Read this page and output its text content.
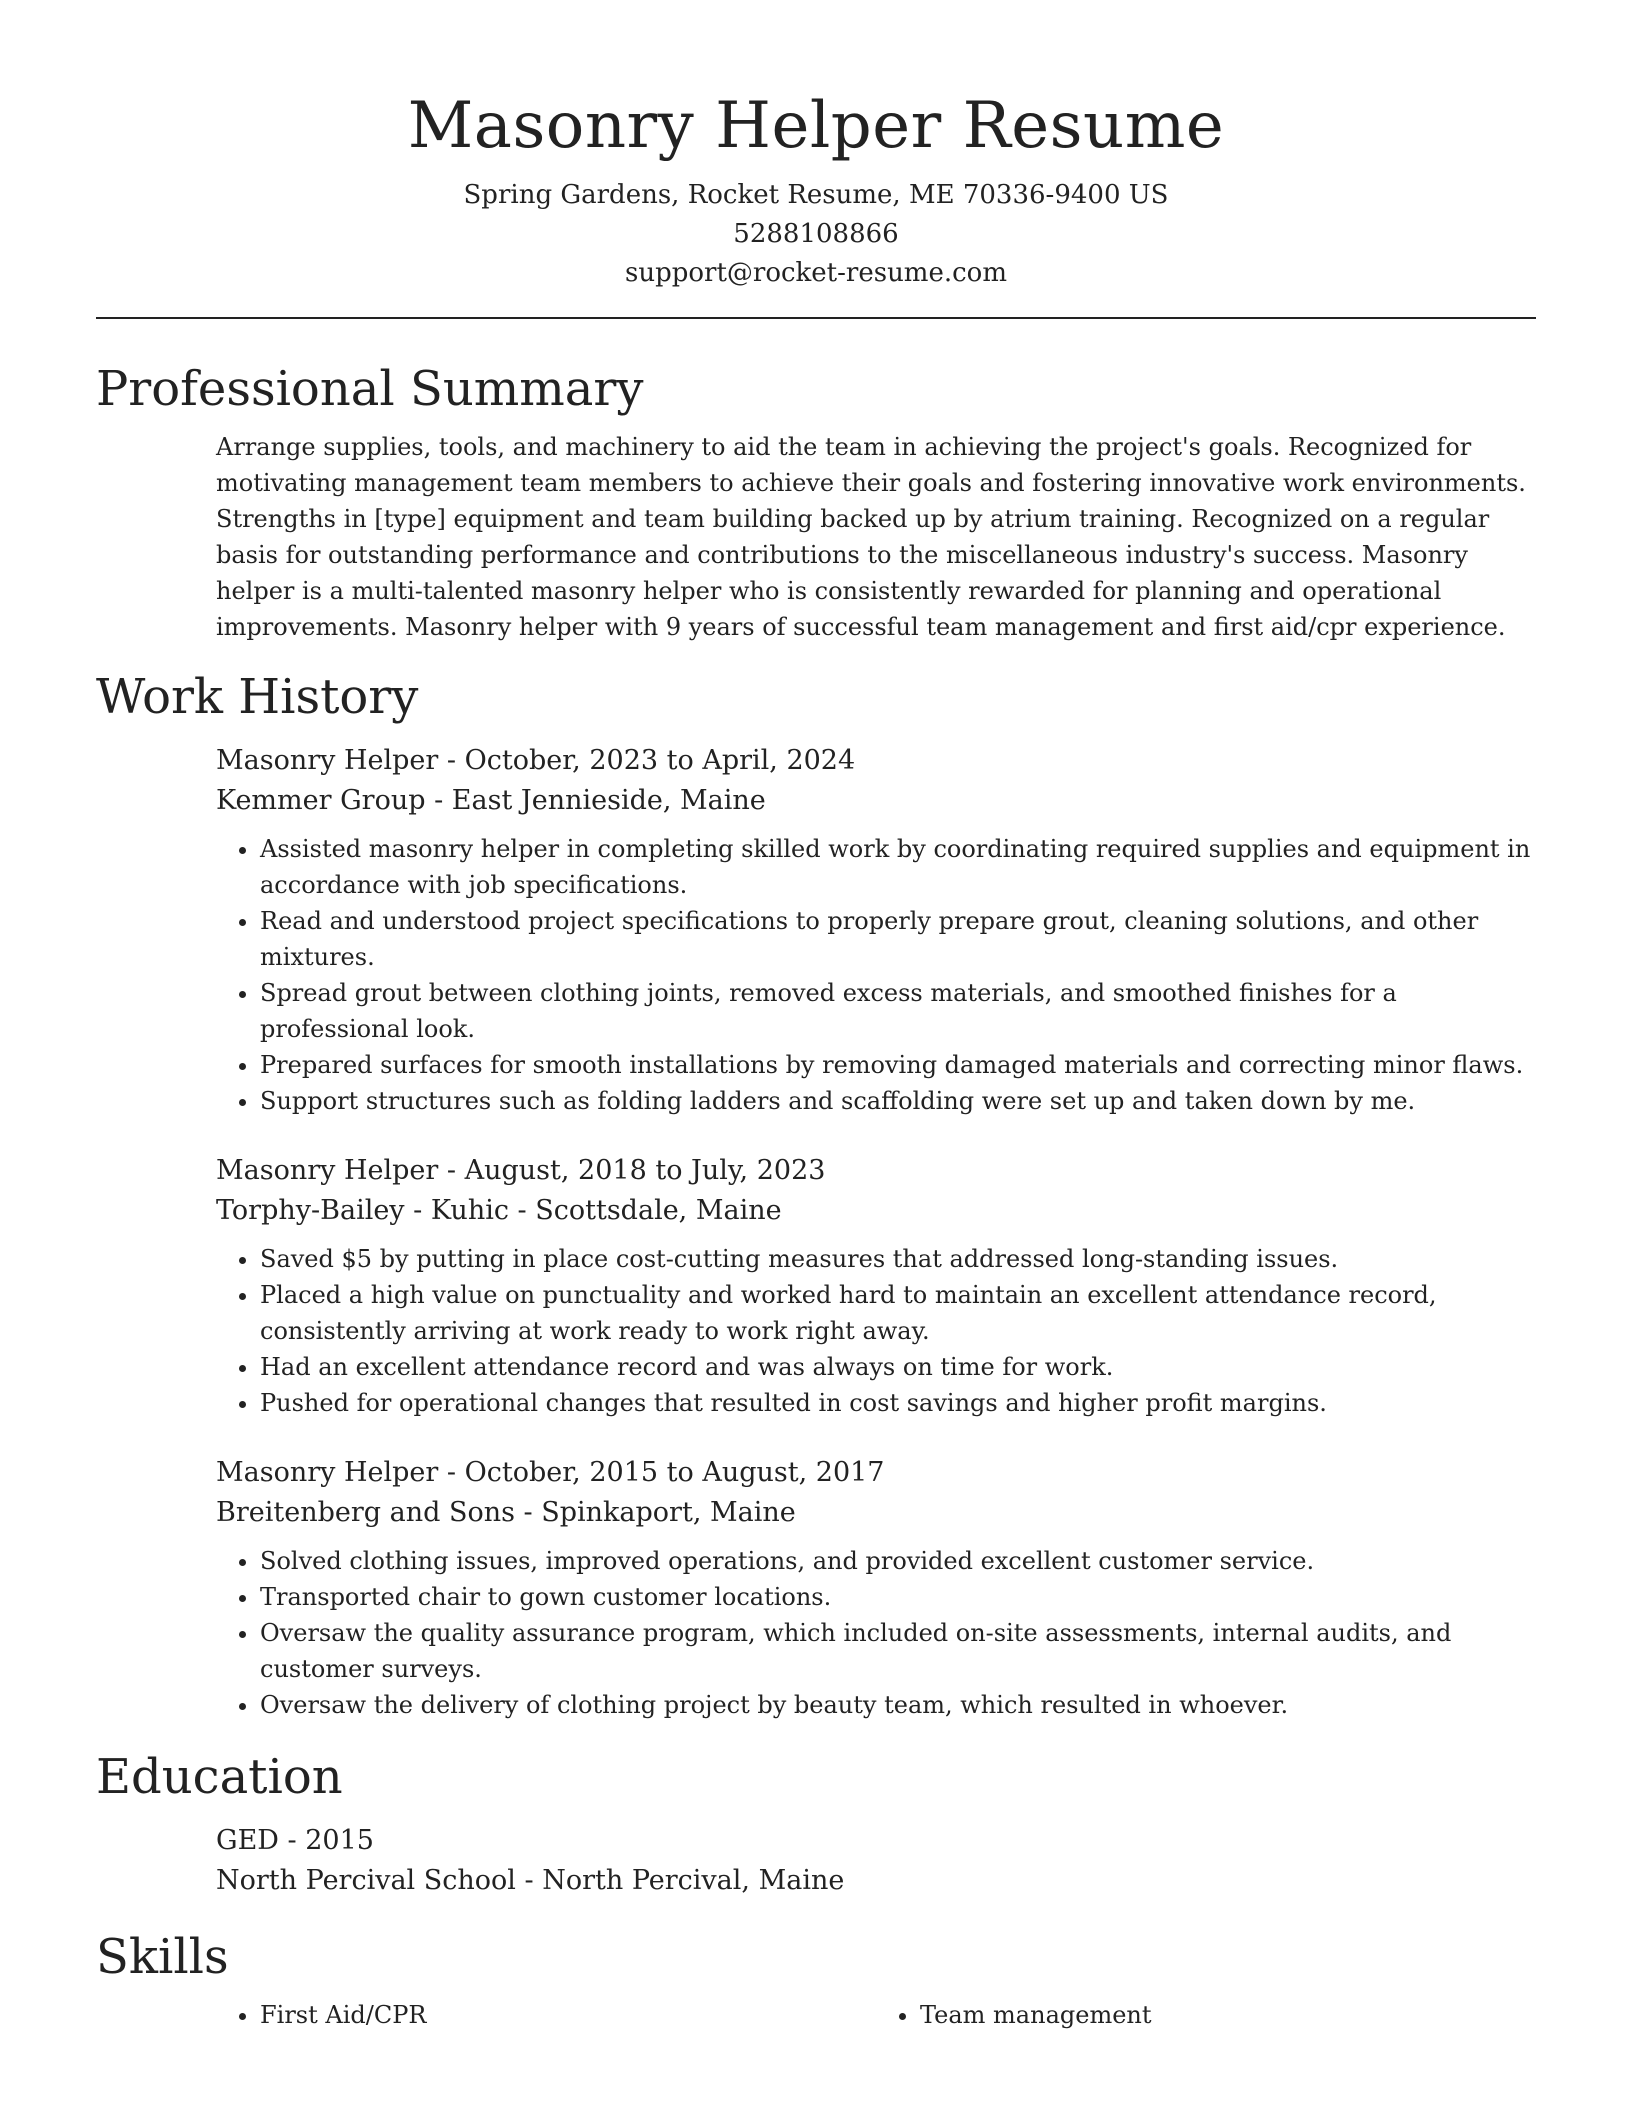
Masonry Helper Resume
Spring Gardens, Rocket Resume, ME 70336-9400 US
5288108866
support@rocket-resume.com
Professional Summary
Arrange supplies, tools, and machinery to aid the team in achieving the project's goals. Recognized for motivating management team members to achieve their goals and fostering innovative work environments. Strengths in [type] equipment and team building backed up by atrium training. Recognized on a regular basis for outstanding performance and contributions to the miscellaneous industry's success. Masonry helper is a multi-talented masonry helper who is consistently rewarded for planning and operational improvements. Masonry helper with 9 years of successful team management and first aid/cpr experience.
Work History
Masonry Helper - October, 2023 to April, 2024
Kemmer Group - East Jennieside, Maine
• Assisted masonry helper in completing skilled work by coordinating required supplies and equipment in accordance with job specifications.
• Read and understood project specifications to properly prepare grout, cleaning solutions, and other mixtures.
• Spread grout between clothing joints, removed excess materials, and smoothed finishes for a professional look.
• Prepared surfaces for smooth installations by removing damaged materials and correcting minor flaws.
• Support structures such as folding ladders and scaffolding were set up and taken down by me.
Masonry Helper - August, 2018 to July, 2023
Torphy-Bailey - Kuhic - Scottsdale, Maine
• Saved $5 by putting in place cost-cutting measures that addressed long-standing issues.
• Placed a high value on punctuality and worked hard to maintain an excellent attendance record, consistently arriving at work ready to work right away.
• Had an excellent attendance record and was always on time for work.
• Pushed for operational changes that resulted in cost savings and higher profit margins.
Masonry Helper - October, 2015 to August, 2017
Breitenberg and Sons - Spinkaport, Maine
• Solved clothing issues, improved operations, and provided excellent customer service.
• Transported chair to gown customer locations.
• Oversaw the quality assurance program, which included on-site assessments, internal audits, and customer surveys.
• Oversaw the delivery of clothing project by beauty team, which resulted in whoever.
Education
GED - 2015
North Percival School - North Percival, Maine
Skills
• First Aid/CPR
•	Team management
